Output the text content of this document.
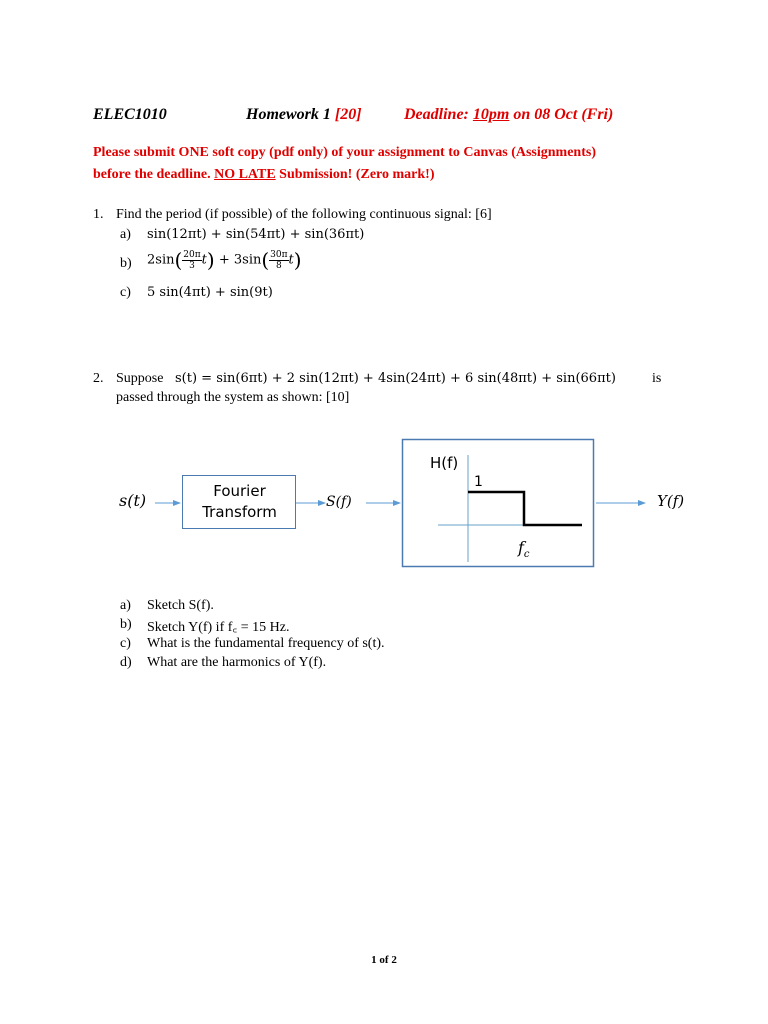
ELEC1010	Homework 1 [20]	Deadline: 10pm on 08 Oct (Fri)
Please submit ONE soft copy (pdf only) of your assignment to Canvas (Assignments)
before the deadline. NO LATE Submission! (Zero mark!)
1. Find the period (if possible) of the following continuous signal: [6]
a) sin(12πt) + sin(54πt) + sin(36πt)
b) $2\sin( \frac{20\pi}{3} t) + 3\sin( \frac{30\pi}{8} t)$
c) 5 sin(4πt) + sin(9t)
2. Suppose s(t) = sin(6πt) + 2 sin(12πt) + 4sin(24πt) + 6 sin(48πt) + sin(66πt)	is
passed through the system as shown: [10]
s(t)	Fourier
Transform
S(f)
H(f)
1
$f_c$
Y(f)
a) Sketch S(f).
b) Sketch Y(f) if f꜀ = 15 Hz.
c) What is the fundamental frequency of s(t).
d) What are the harmonics of Y(f).
1 of 2
